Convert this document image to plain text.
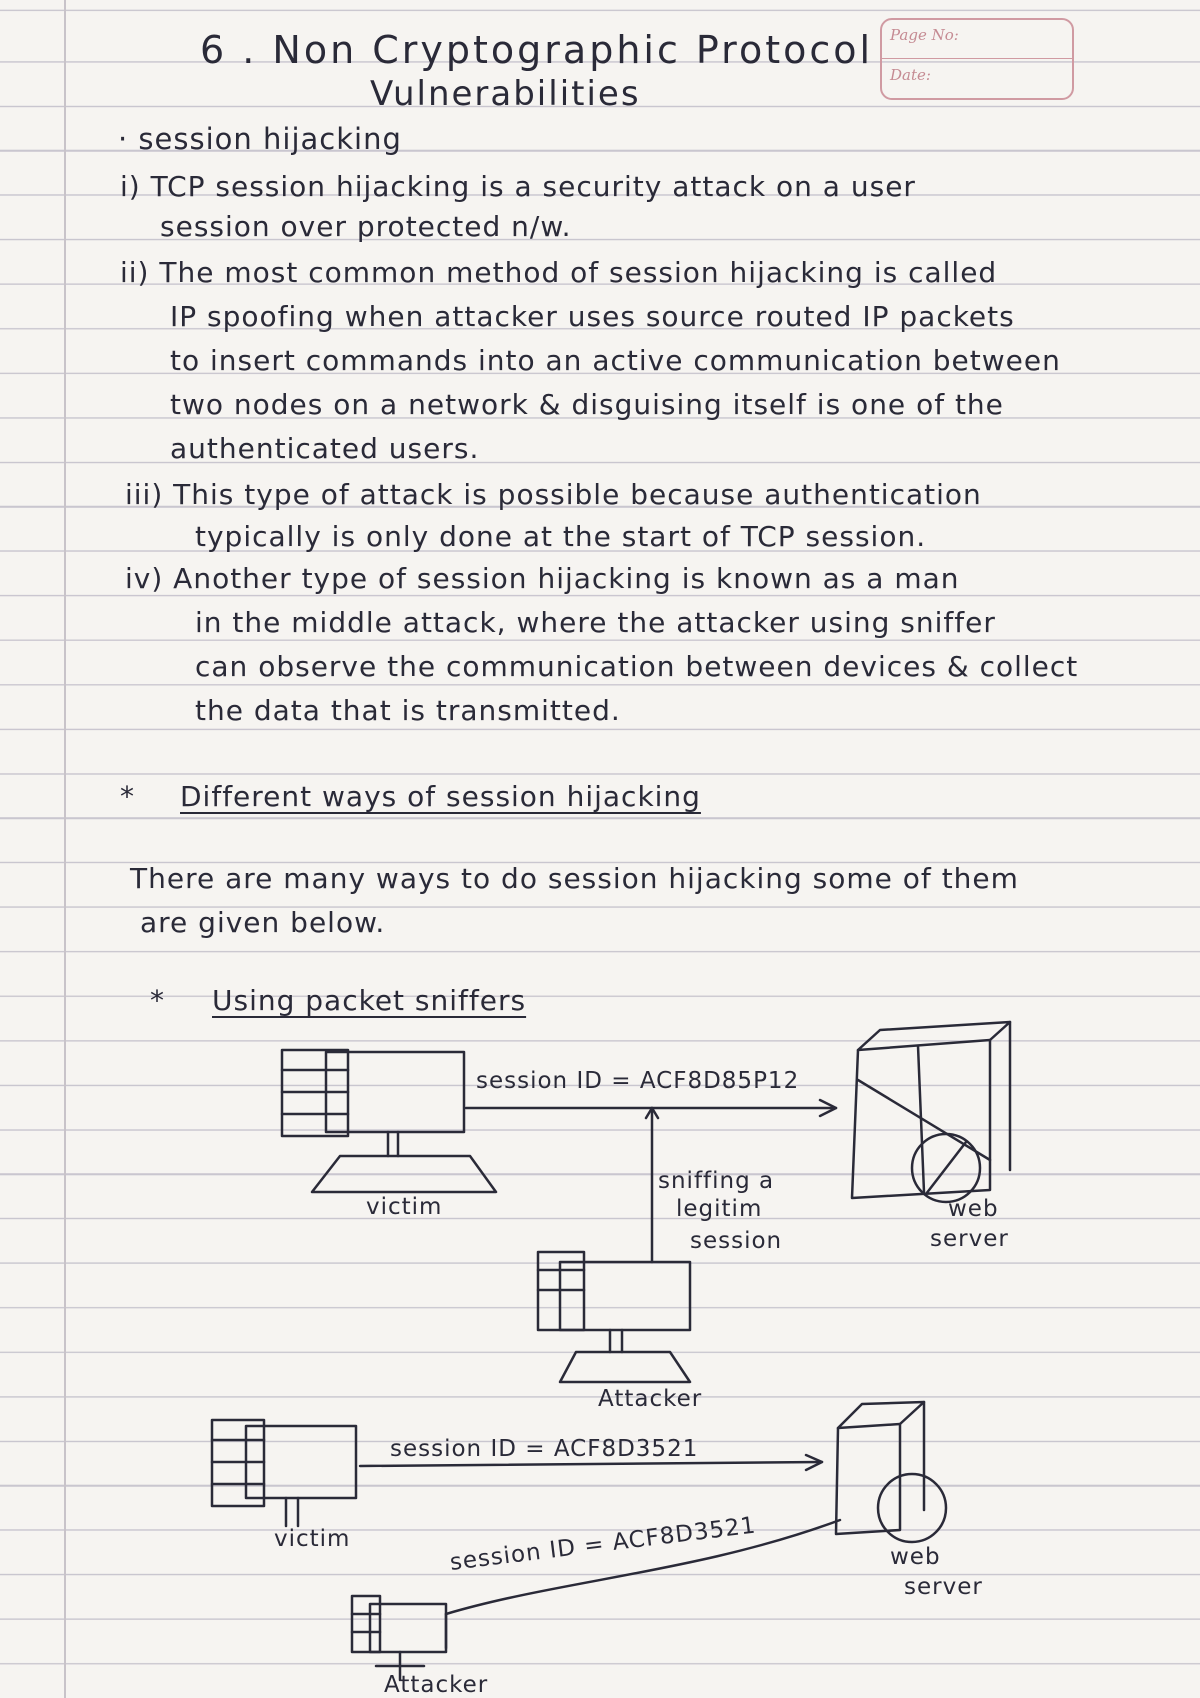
Page No:
Date:
6 . Non Cryptographic Protocol
Vulnerabilities
· session hijacking
i) TCP session hijacking is a security attack on a user
session over protected n/w.
ii) The most common method of session hijacking is called
IP spoofing when attacker uses source routed IP packets
to insert commands into an active communication between
two nodes on a network & disguising itself is one of the
authenticated users.
iii) This type of attack is possible because authentication
typically is only done at the start of TCP session.
iv) Another type of session hijacking is known as a man
in the middle attack, where the attacker using sniffer
can observe the communication between devices & collect
the data that is transmitted.
* Different ways of session hijacking
There are many ways to do session hijacking some of them
are given below.
* Using packet sniffers
session ID = ACF8D85P12
sniffing a
legitim
session
victim	web
server
Attacker
session ID = ACF8D3521
victim	session ID = ACF8D3521	web
server
Attacker
